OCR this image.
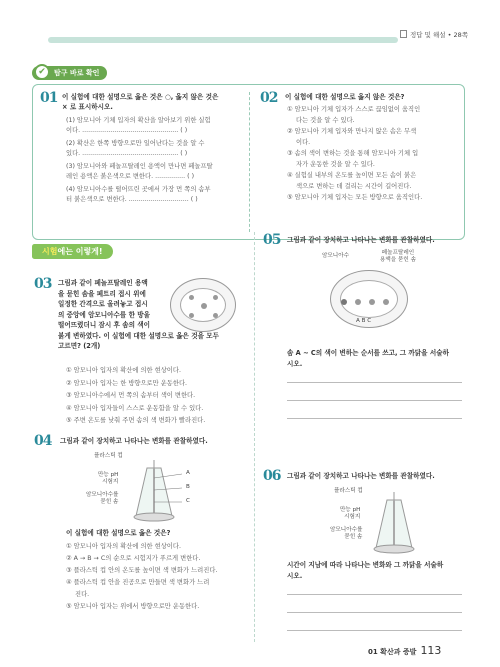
정답 및 해설 • 28쪽
✔	탐구 바로 확인
01 이 실험에 대한 설명으로 옳은 것은 ○, 옳지 않은 것은
× 로 표시하시오.
(1) 암모니아 기체 입자의 확산을 알아보기 위한 실험
이다. ................................................ ( )
(2) 확산은 한쪽 방향으로만 일어난다는 것을 알 수
있다. ................................................ ( )
(3) 암모니아와 페놀프탈레인 용액이 만나면 페놀프탈
레인 용액은 붉은색으로 변한다. ............... ( )
(4) 암모니아수를 떨어뜨린 곳에서 가장 먼 쪽의 솜부
터 붉은색으로 변한다. .............................. ( )
02 이 실험에 대한 설명으로 옳지 않은 것은?
① 암모니아 기체 입자가 스스로 끊임없이 움직인
다는 것을 알 수 있다.
② 암모니아 기체 입자와 만나지 않은 솜은 무색
이다.
③ 솜의 색이 변하는 것을 통해 암모니아 기체 입
자가 운동한 것을 알 수 있다.
④ 실험실 내부의 온도를 높이면 모든 솜이 붉은
색으로 변하는 데 걸리는 시간이 길어진다.
⑤ 암모니아 기체 입자는 모든 방향으로 움직인다.
시험에는 이렇게!
03 그림과 같이 페놀프탈레인 용액
을 묻힌 솜을 페트리 접시 위에
일정한 간격으로 올려놓고 접시
의 중앙에 암모니아수를 한 방울
떨어뜨렸더니 잠시 후 솜의 색이
붉게 변하였다. 이 실험에 대한 설명으로 옳은 것을 모두
고르면? (2개)
① 암모니아 입자의 확산에 의한 현상이다.
② 암모니아 입자는 한 방향으로만 운동한다.
③ 암모니아수에서 먼 쪽의 솜부터 색이 변한다.
④ 암모니아 입자들이 스스로 운동함을 알 수 있다.
⑤ 주변 온도를 낮춰 주면 솜의 색 변화가 빨라진다.
04 그림과 같이 장치하고 나타나는 변화를 관찰하였다.
플라스틱 컵
만능 pH
시험지
암모니아수를
묻힌 솜
A
B
C
이 실험에 대한 설명으로 옳은 것은?
① 암모니아 입자의 확산에 의한 현상이다.
② A → B → C의 순으로 시험지가 푸르게 변한다.
③ 플라스틱 컵 안의 온도를 높이면 색 변화가 느려진다.
④ 플라스틱 컵 안을 진공으로 만들면 색 변화가 느려
진다.
⑤ 암모니아 입자는 위에서 방향으로만 운동한다.
05 그림과 같이 장치하고 나타나는 변화를 관찰하였다.
암모니아수	페놀프탈레인
용액을 묻힌 솜
A B C
솜 A ~ C의 색이 변하는 순서를 쓰고, 그 까닭을 서술하
시오.
06 그림과 같이 장치하고 나타나는 변화를 관찰하였다.
플라스틱 컵
만능 pH
시험지
암모니아수를
묻힌 솜
시간이 지남에 따라 나타나는 변화와 그 까닭을 서술하
시오.
01 확산과 증발 113
